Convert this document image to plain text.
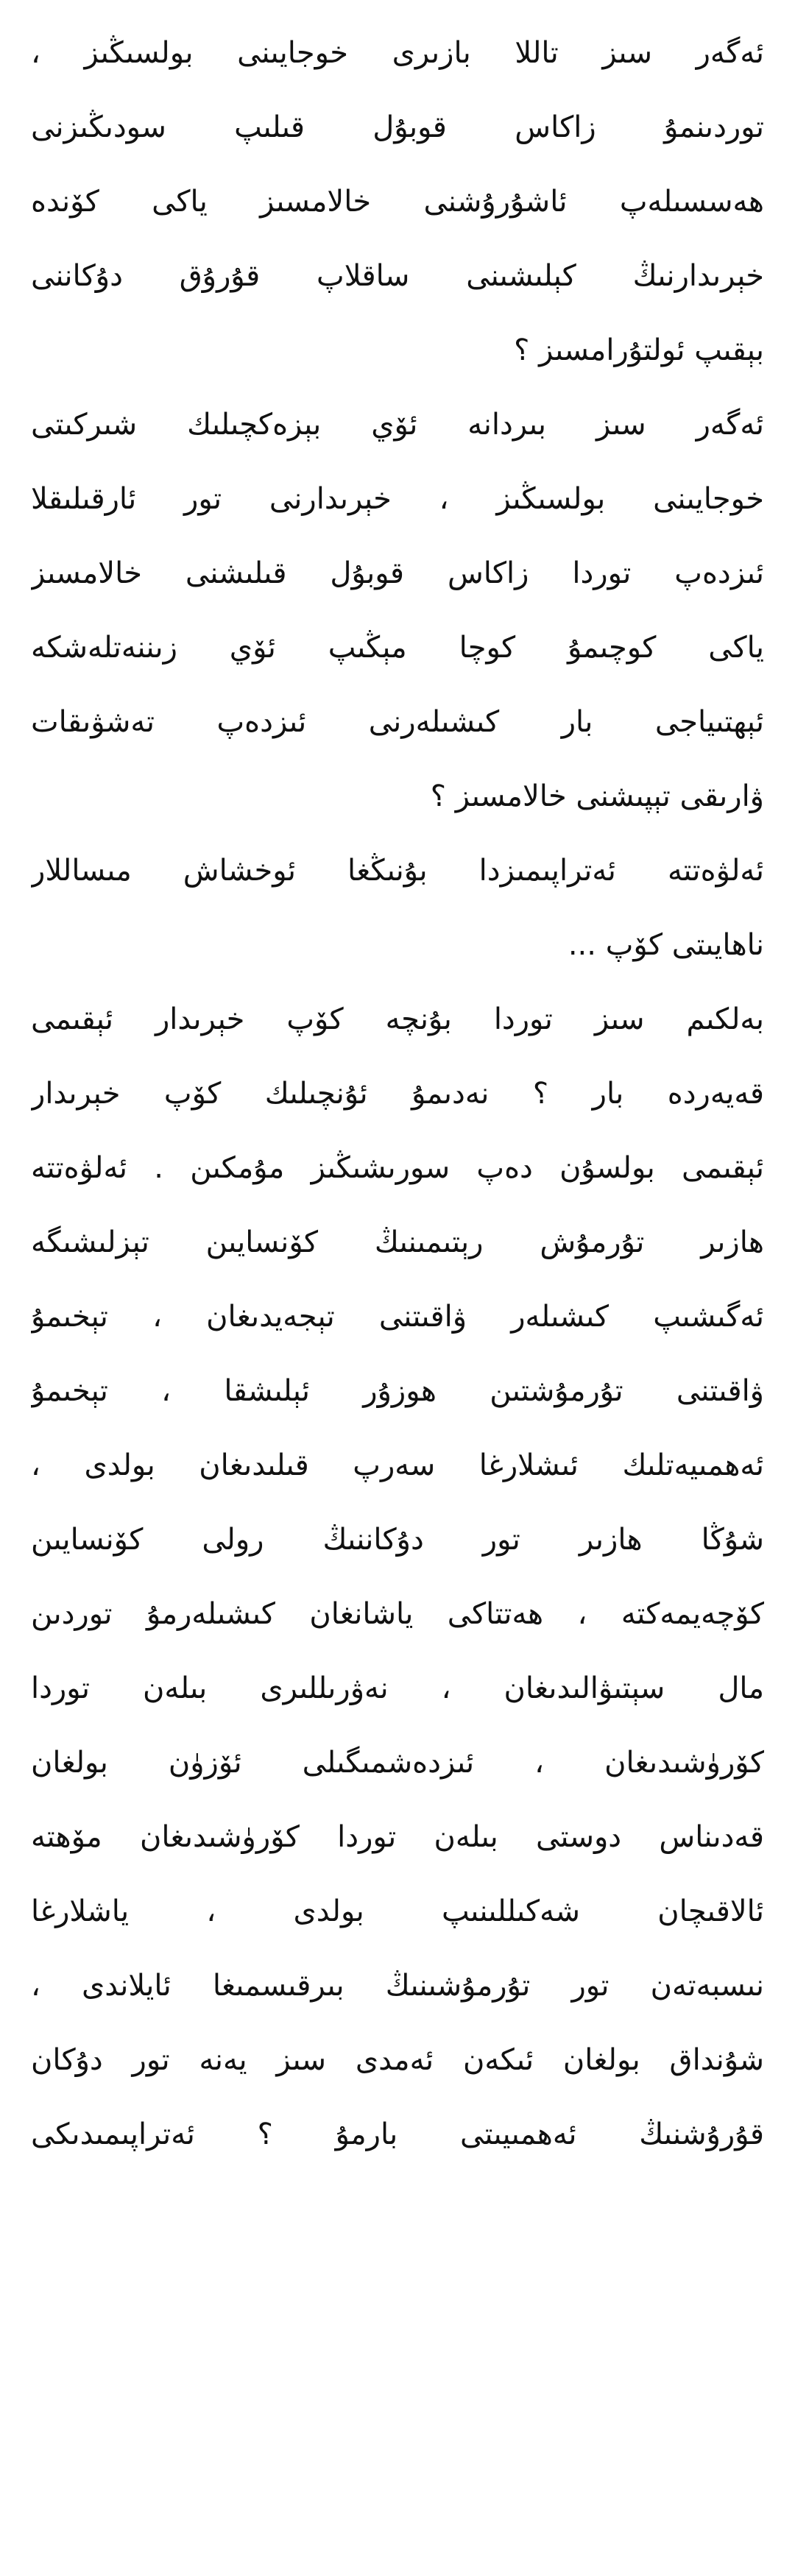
ئەگەر سىز تاللا بازىرى خوجايىنى بولسىڭىز ،
توردىنمۇ زاكاس قوبۇل قىلىپ سودىڭىزنى
ھەسسىلەپ ئاشۇرۇشنى خالامسىز ياكى كۆندە
خېرىدارنىڭ كېلىشىنى ساقلاپ قۇرۇق دۇكاننى
بېقىپ ئولتۇرامسىز ؟
ئەگەر سىز بىردانە ئۆي بېزەكچىلىك شىركىتى
خوجايىنى بولسىڭىز ، خېرىدارنى تور ئارقىلىقلا
ئىزدەپ توردا زاكاس قوبۇل قىلىشنى خالامسىز
ياكى كوچىمۇ كوچا مېڭىپ ئۆي زىننەتلەشكە
ئېھتىياجى بار كىشىلەرنى ئىزدەپ تەشۋىقات
ۋارىقى تېپىشنى خالامسىز ؟
ئەلۋەتتە ئەتراپىمىزدا بۇنىڭغا ئوخشاش مىساللار
ناھايىتى كۆپ ...
بەلكىم سىز توردا بۇنچە كۆپ خېرىدار ئېقىمى
قەيەردە بار ؟ نەدىمۇ ئۇنچىلىك كۆپ خېرىدار
ئېقىمى بولسۇن دەپ سورىشىڭىز مۇمكىن . ئەلۋەتتە
ھازىر تۇرمۇش رېتىمىنىڭ كۆنسايىن تېزلىشىگە
ئەگىشىپ كىشىلەر ۋاقىتنى تېجەيدىغان ، تېخىمۇ
ۋاقىتنى تۇرمۇشتىن ھوزۇر ئېلىشقا ، تېخىمۇ
ئەھمىيەتلىك ئىشلارغا سەرپ قىلىدىغان بولدى ،
شۇڭا ھازىر تور دۇكاننىڭ رولى كۆنسايىن
كۆچەيمەكتە ، ھەتتاكى ياشانغان كىشىلەرمۇ توردىن
مال سېتىۋالىدىغان ، نەۋرىللىرى بىلەن توردا
كۆرۈشىدىغان ، ئىزدەشمىگىلى ئۆزۈن بولغان
قەدىناس دوستى بىلەن توردا كۆرۈشىدىغان مۆھتە
ئالاقىچان شەكىللىنىپ بولدى ، ياشلارغا
نىسبەتەن تور تۇرمۇشىنىڭ بىرقىسمىغا ئايلاندى ،
شۇنداق بولغان ئىكەن ئەمدى سىز يەنە تور دۇكان
قۇرۇشنىڭ ئەھمىيىتى بارمۇ ؟ ئەتراپىمىدىكى
